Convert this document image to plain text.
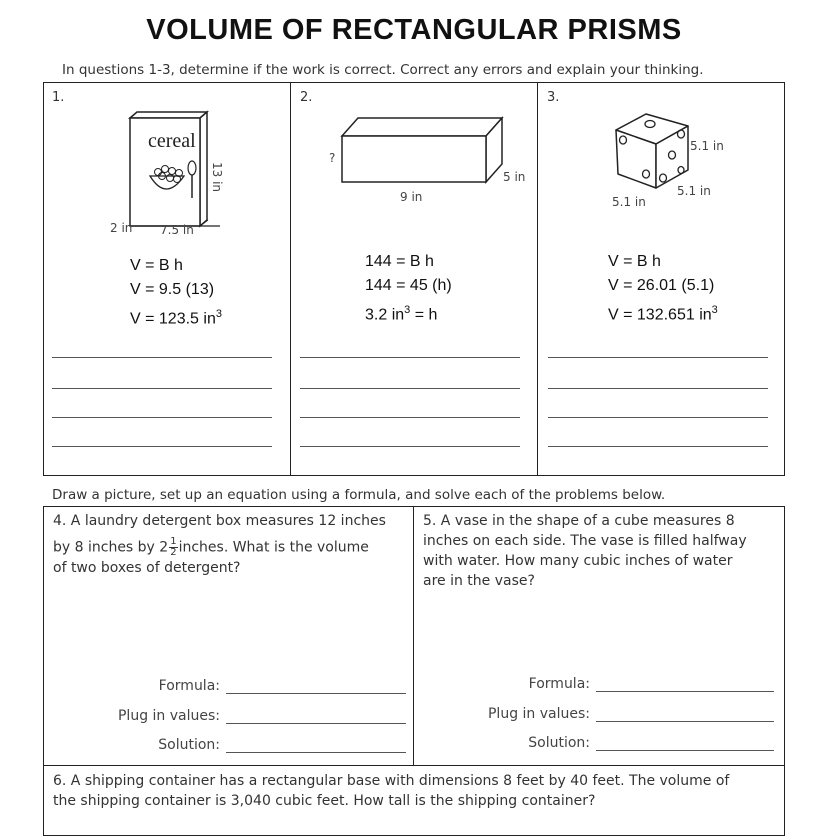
VOLUME OF RECTANGULAR PRISMS
In questions 1-3, determine if the work is correct. Correct any errors and explain your thinking.
1.
cereal
13 in
2 in 7.5 in
V = B h
V = 9.5 (13)
V = 123.5 $in^3$
2.
?
5 in
9 in
144 = B h
144 = 45 (h)
3.2 $in^3 = h$
3.
5.1 in
5.1 in
5.1 in
V = B h
V = 26.01 (5.1)
V = 132.651 $in^3$
Draw a picture, set up an equation using a formula, and solve each of the problems below.
4. A laundry detergent box measures 12 inches
by 8 inches by $2 \frac{1}{2}$ inches. What is the volume
of two boxes of detergent?
Formula:
Plug in values:
Solution:
5. A vase in the shape of a cube measures 8
inches on each side. The vase is filled halfway
with water. How many cubic inches of water
are in the vase?
Formula:
Plug in values:
Solution:
6. A shipping container has a rectangular base with dimensions 8 feet by 40 feet. The volume of
the shipping container is 3,040 cubic feet. How tall is the shipping container?
